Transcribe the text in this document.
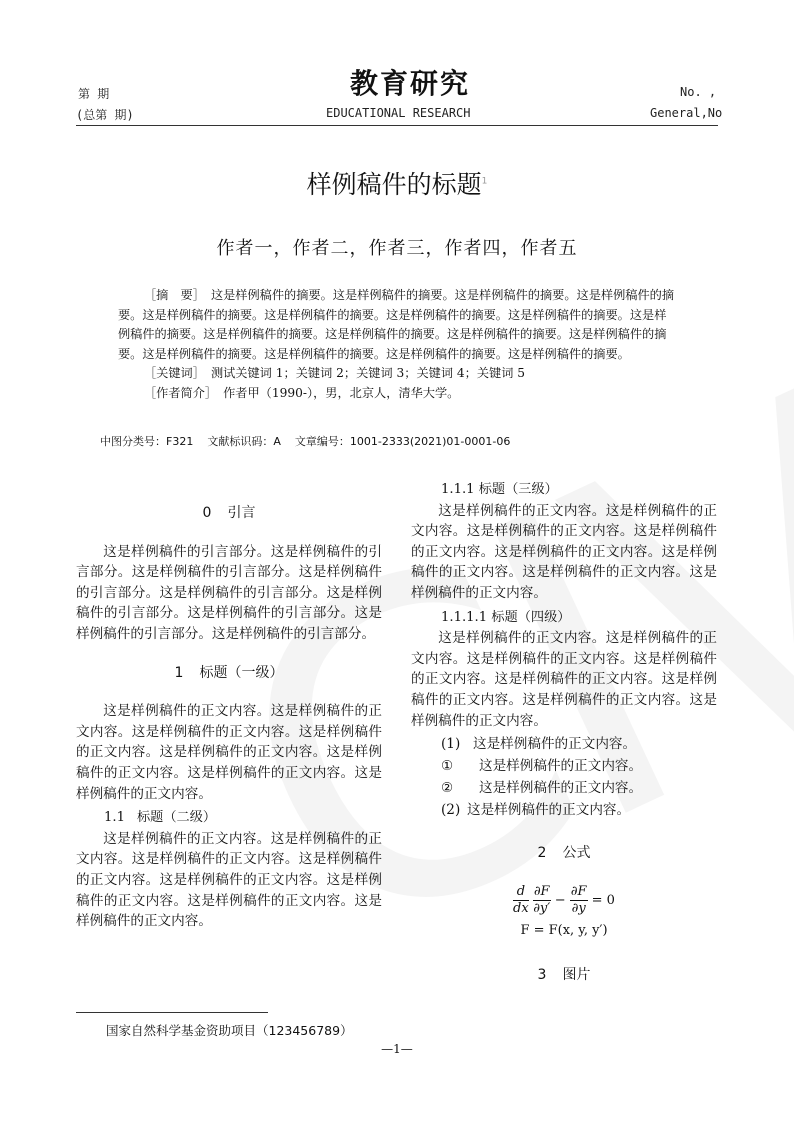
第 期
(总第 期)
教育研究
EDUCATIONAL RESEARCH
No. ,
General,No
样例稿件的标题$^1$
作者一，作者二，作者三，作者四，作者五
［摘　要］ 这是样例稿件的摘要。这是样例稿件的摘要。这是样例稿件的摘要。这是样例稿件的摘要。这是样例稿件的摘要。这是样例稿件的摘要。这是样例稿件的摘要。这是样例稿件的摘要。这是样例稿件的摘要。这是样例稿件的摘要。这是样例稿件的摘要。这是样例稿件的摘要。这是样例稿件的摘要。这是样例稿件的摘要。这是样例稿件的摘要。这是样例稿件的摘要。这是样例稿件的摘要。
［关键词］ 测试关键词 1；关键词 2；关键词 3；关键词 4；关键词 5
［作者简介］ 作者甲（1990-），男，北京人，清华大学。
中图分类号：F321 文献标识码：A 文章编号：1001-2333(2021)01-0001-06
0 引言

这是样例稿件的引言部分。这是样例稿件的引言部分。这是样例稿件的引言部分。这是样例稿件的引言部分。这是样例稿件的引言部分。这是样例稿件的引言部分。这是样例稿件的引言部分。这是样例稿件的引言部分。这是样例稿件的引言部分。

1 标题（一级）

这是样例稿件的正文内容。这是样例稿件的正文内容。这是样例稿件的正文内容。这是样例稿件的正文内容。这是样例稿件的正文内容。这是样例稿件的正文内容。这是样例稿件的正文内容。这是样例稿件的正文内容。

1.1 标题（二级）

这是样例稿件的正文内容。这是样例稿件的正文内容。这是样例稿件的正文内容。这是样例稿件的正文内容。这是样例稿件的正文内容。这是样例稿件的正文内容。这是样例稿件的正文内容。这是样例稿件的正文内容。

1.1.1 标题（三级）

这是样例稿件的正文内容。这是样例稿件的正文内容。这是样例稿件的正文内容。这是样例稿件的正文内容。这是样例稿件的正文内容。这是样例稿件的正文内容。这是样例稿件的正文内容。这是样例稿件的正文内容。

1.1.1.1 标题（四级）

这是样例稿件的正文内容。这是样例稿件的正文内容。这是样例稿件的正文内容。这是样例稿件的正文内容。这是样例稿件的正文内容。这是样例稿件的正文内容。这是样例稿件的正文内容。这是样例稿件的正文内容。

(1) 这是样例稿件的正文内容。
① 这是样例稿件的正文内容。
② 这是样例稿件的正文内容。
(2) 这是样例稿件的正文内容。
2 公式
$\frac{d}{dx}$
$\frac{\partial F}{\partial y'} - \frac{\partial F}{\partial y} = 0$
F = F(x, y, y′)
3 图片
国家自然科学基金资助项目（123456789）
—1—
